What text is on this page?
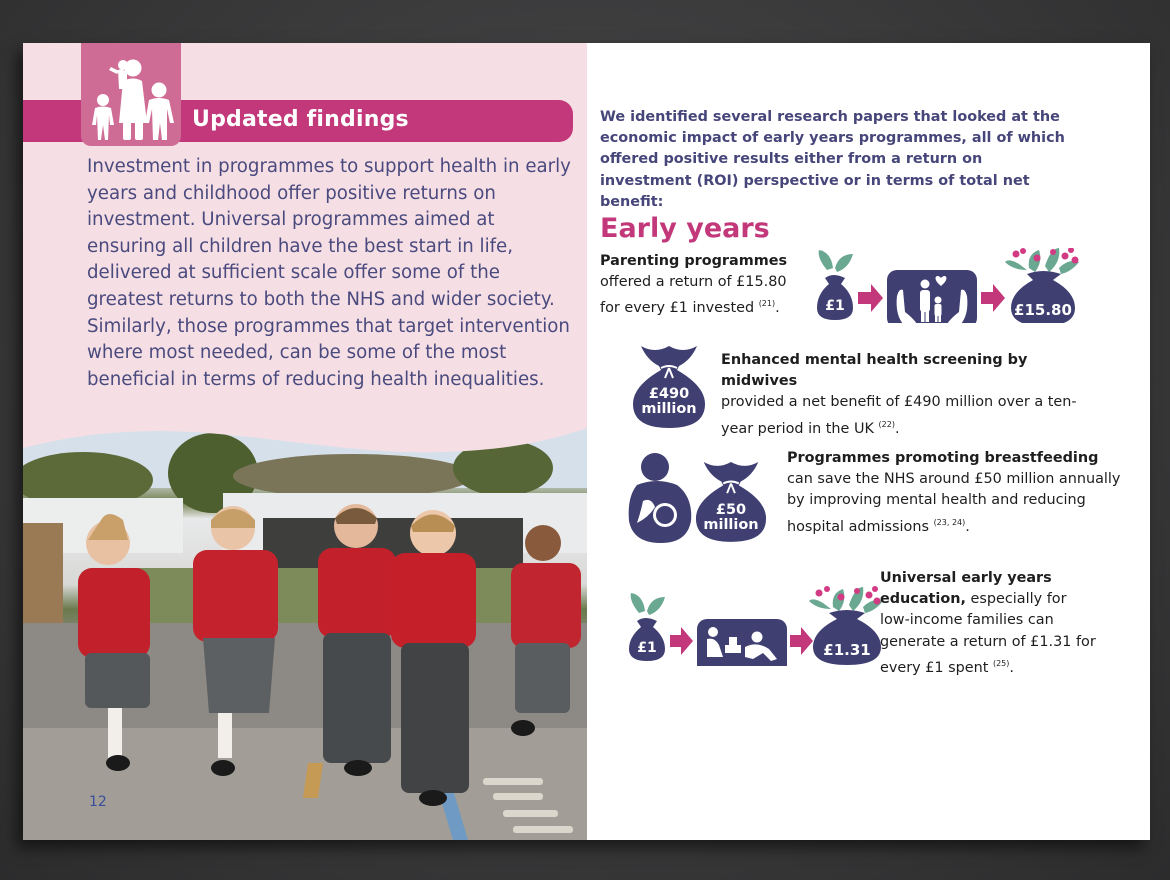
Updated findings

Investment in programmes to support health in early years and childhood offer positive returns on investment. Universal programmes aimed at ensuring all children have the best start in life, delivered at sufficient scale offer some of the greatest returns to both the NHS and wider society. Similarly, those programmes that target intervention where most needed, can be some of the most beneficial in terms of reducing health inequalities.

12

We identified several research papers that looked at the economic impact of early years programmes, all of which offered positive results either from a return on investment (ROI) perspective or in terms of total net benefit:

Early years
Parenting programmes
offered a return of £15.80 for every £1 invested $^{(21)}$.	£1	£15.80
£490
million
Enhanced mental health screening by midwives
provided a net benefit of £490 million over a ten-year period in the UK $^{(22)}$.
£50
million
Programmes promoting breastfeeding can save the NHS around £50 million annually by improving mental health and reducing hospital admissions $^{(23, 24)}$.
£1	£1.31
Universal early years education, especially for low-income families can generate a return of £1.31 for every £1 spent $^{(25)}$.
